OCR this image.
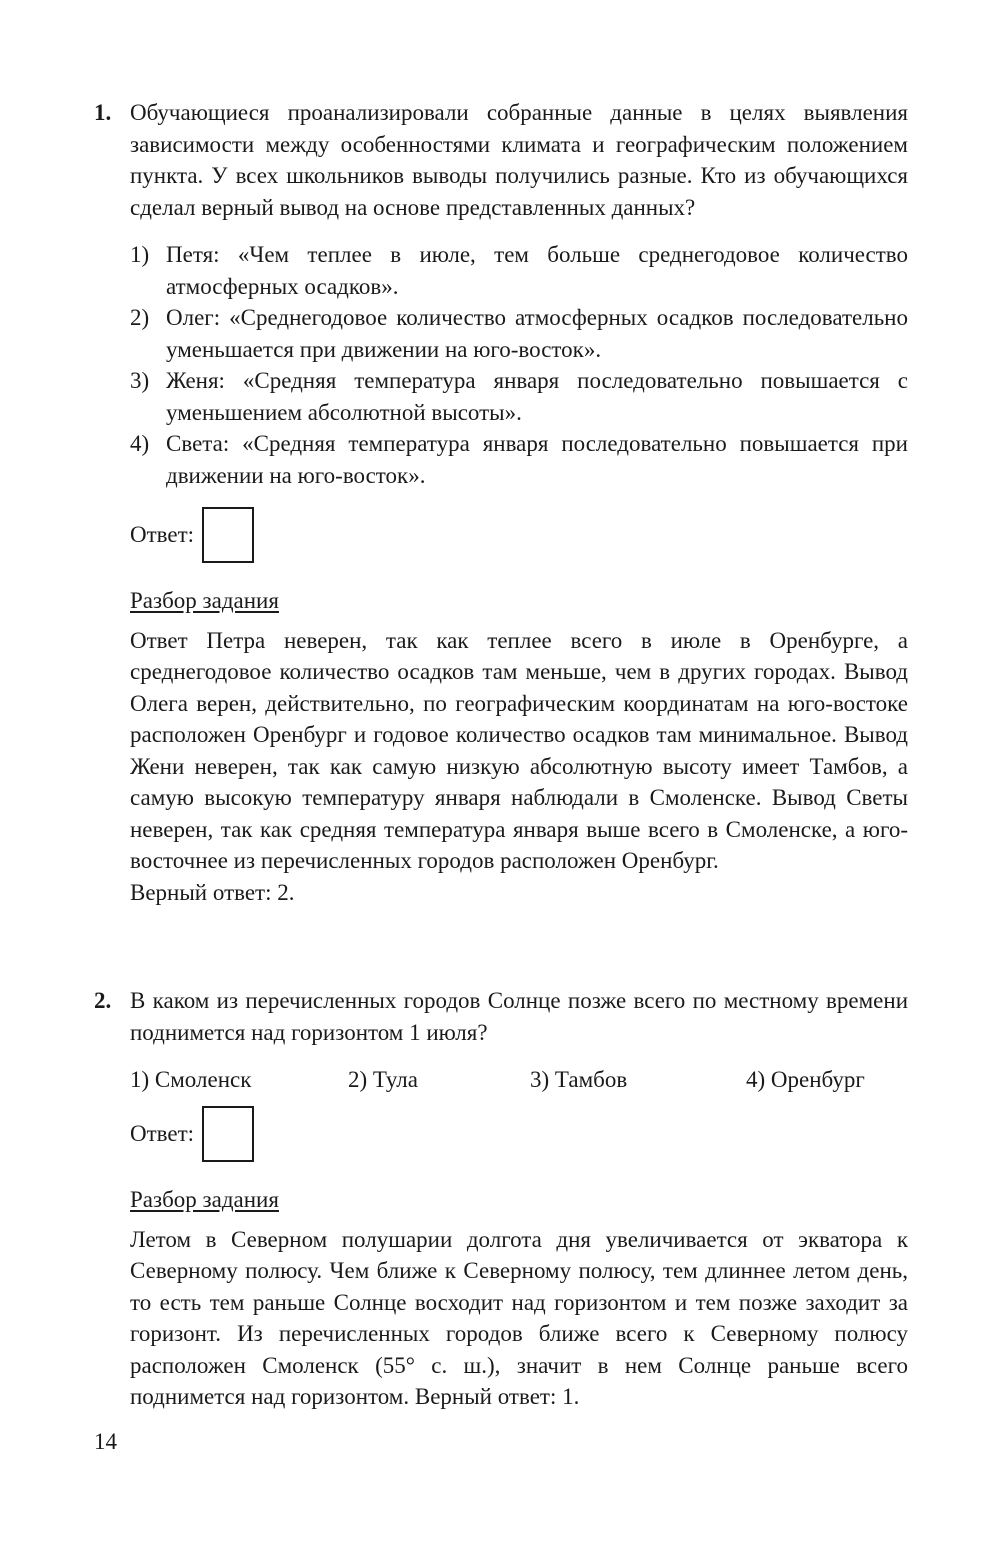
1. Обучающиеся проанализировали собранные данные в целях выявления зависимости между особенностями климата и географическим положением пункта. У всех школьников выводы получились разные. Кто из обучающихся сделал верный вывод на основе представленных данных?
1) Петя: «Чем теплее в июле, тем больше среднегодовое количество атмосферных осадков».
2) Олег: «Среднегодовое количество атмосферных осадков последовательно уменьшается при движении на юго-восток».
3) Женя: «Средняя температура января последовательно повышается с уменьшением абсолютной высоты».
4) Света: «Средняя температура января последовательно повышается при движении на юго-восток».
Ответ:
Разбор задания
Ответ Петра неверен, так как теплее всего в июле в Оренбурге, а среднегодовое количество осадков там меньше, чем в других городах. Вывод Олега верен, действительно, по географическим координатам на юго-востоке расположен Оренбург и годовое количество осадков там минимальное. Вывод Жени неверен, так как самую низкую абсолютную высоту имеет Тамбов, а самую высокую температуру января наблюдали в Смоленске. Вывод Светы неверен, так как средняя температура января выше всего в Смоленске, а юго-восточнее из перечисленных городов расположен Оренбург.
Верный ответ: 2.
2. В каком из перечисленных городов Солнце позже всего по местному времени поднимется над горизонтом 1 июля?
1) Смоленск	2) Тула	3) Тамбов	4) Оренбург
Ответ:
Разбор задания
Летом в Северном полушарии долгота дня увеличивается от экватора к Северному полюсу. Чем ближе к Северному полюсу, тем длиннее летом день, то есть тем раньше Солнце восходит над горизонтом и тем позже заходит за горизонт. Из перечисленных городов ближе всего к Северному полюсу расположен Смоленск (55° с. ш.), значит в нем Солнце раньше всего поднимется над горизонтом. Верный ответ: 1.
14
